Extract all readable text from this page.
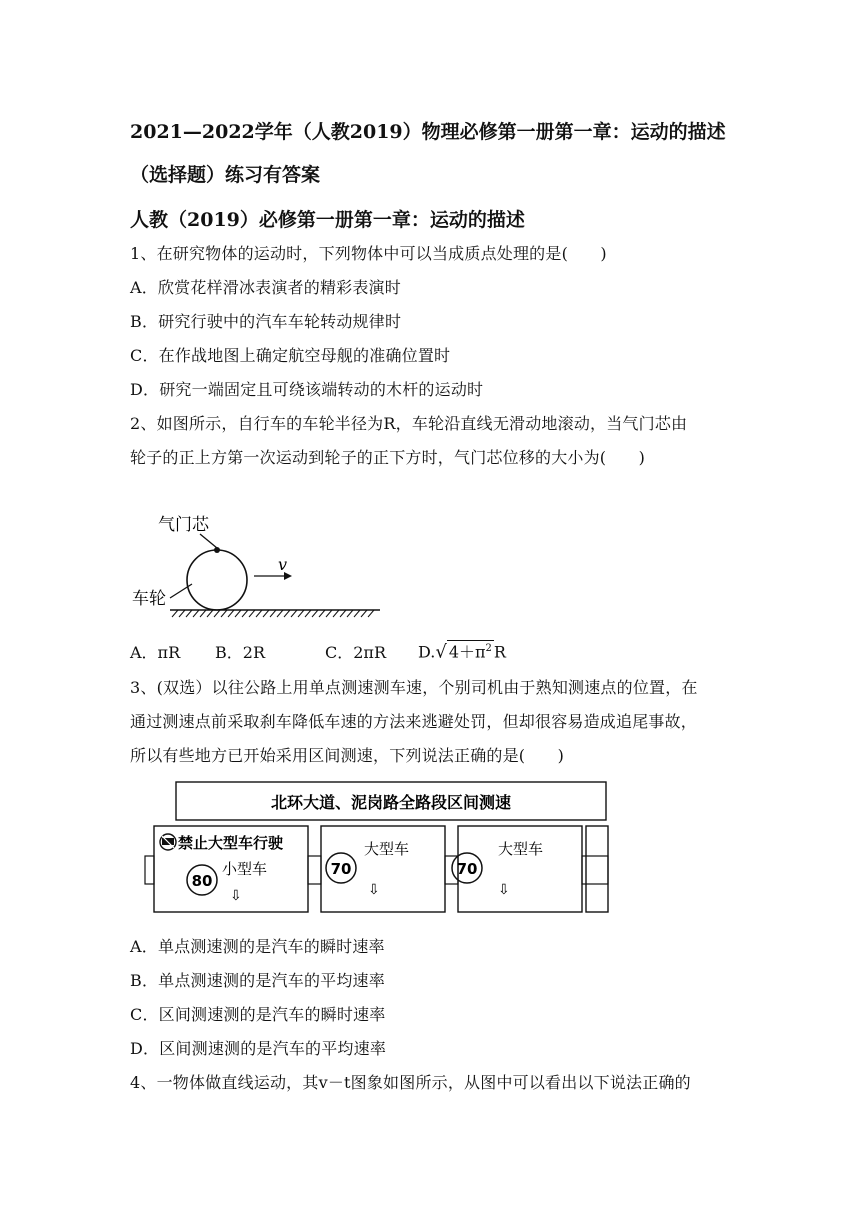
2021—2022学年（人教2019）物理必修第一册第一章：运动的描述
（选择题）练习有答案
人教（2019）必修第一册第一章：运动的描述
1、在研究物体的运动时，下列物体中可以当成质点处理的是(　　)
A．欣赏花样滑冰表演者的精彩表演时
B．研究行驶中的汽车车轮转动规律时
C．在作战地图上确定航空母舰的准确位置时
D．研究一端固定且可绕该端转动的木杆的运动时
2、如图所示，自行车的车轮半径为R，车轮沿直线无滑动地滚动，当气门芯由
轮子的正上方第一次运动到轮子的正下方时，气门芯位移的大小为(　　)
气门芯
v
车轮
A．πR B．2R	C．2πR D.√ $4+\pi^2$ R
3、(双选）以往公路上用单点测速测车速，个别司机由于熟知测速点的位置，在
通过测速点前采取刹车降低车速的方法来逃避处罚，但却很容易造成追尾事故，
所以有些地方已开始采用区间测速，下列说法正确的是(　　)
北环大道、泥岗路全路段区间测速
禁止大型车行驶
80
小型车
⇩
70
大型车
⇩
70
大型车
⇩
A．单点测速测的是汽车的瞬时速率
B．单点测速测的是汽车的平均速率
C．区间测速测的是汽车的瞬时速率
D．区间测速测的是汽车的平均速率
4、一物体做直线运动，其v－t图象如图所示，从图中可以看出以下说法正确的
